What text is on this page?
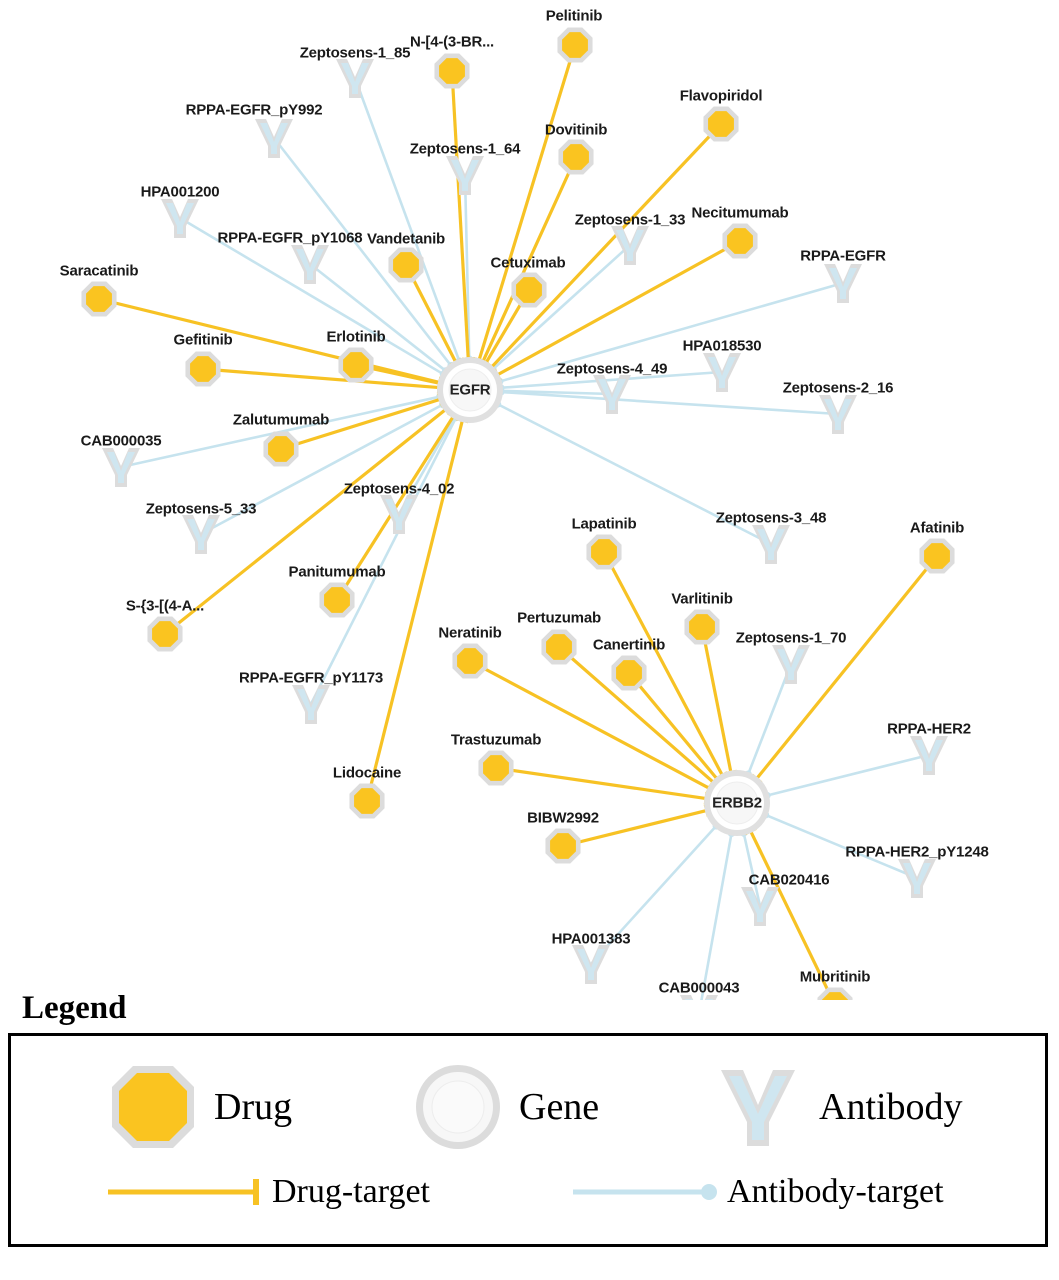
Pelitinib
N-[4-(3-BR...
Flavopiridol
Dovitinib
Necitumumab
Vandetanib
Cetuximab
Saracatinib
Gefitinib	Erlotinib
Zalutumumab
Lapatinib	Afatinib
Varlitinib
Panitumumab
S-{3-[(4-A...
Pertuzumab
Neratinib
Canertinib
Trastuzumab
Lidocaine
BIBW2992
Mubritinib
Zeptosens-1_85
RPPA-EGFR_pY992
Zeptosens-1_64
HPA001200
RPPA-EGFR_pY1068
Zeptosens-1_33
RPPA-EGFR
HPA018530
Zeptosens-4_49
Zeptosens-2_16
CAB000035
Zeptosens-5_33
Zeptosens-4_02
Zeptosens-3_48
Zeptosens-1_70
RPPA-EGFR_pY1173
RPPA-HER2
RPPA-HER2_pY1248
CAB020416
HPA001383
CAB000043
EGFR
ERBB2
Legend
Drug	Gene	Antibody
Drug-target	Antibody-target
